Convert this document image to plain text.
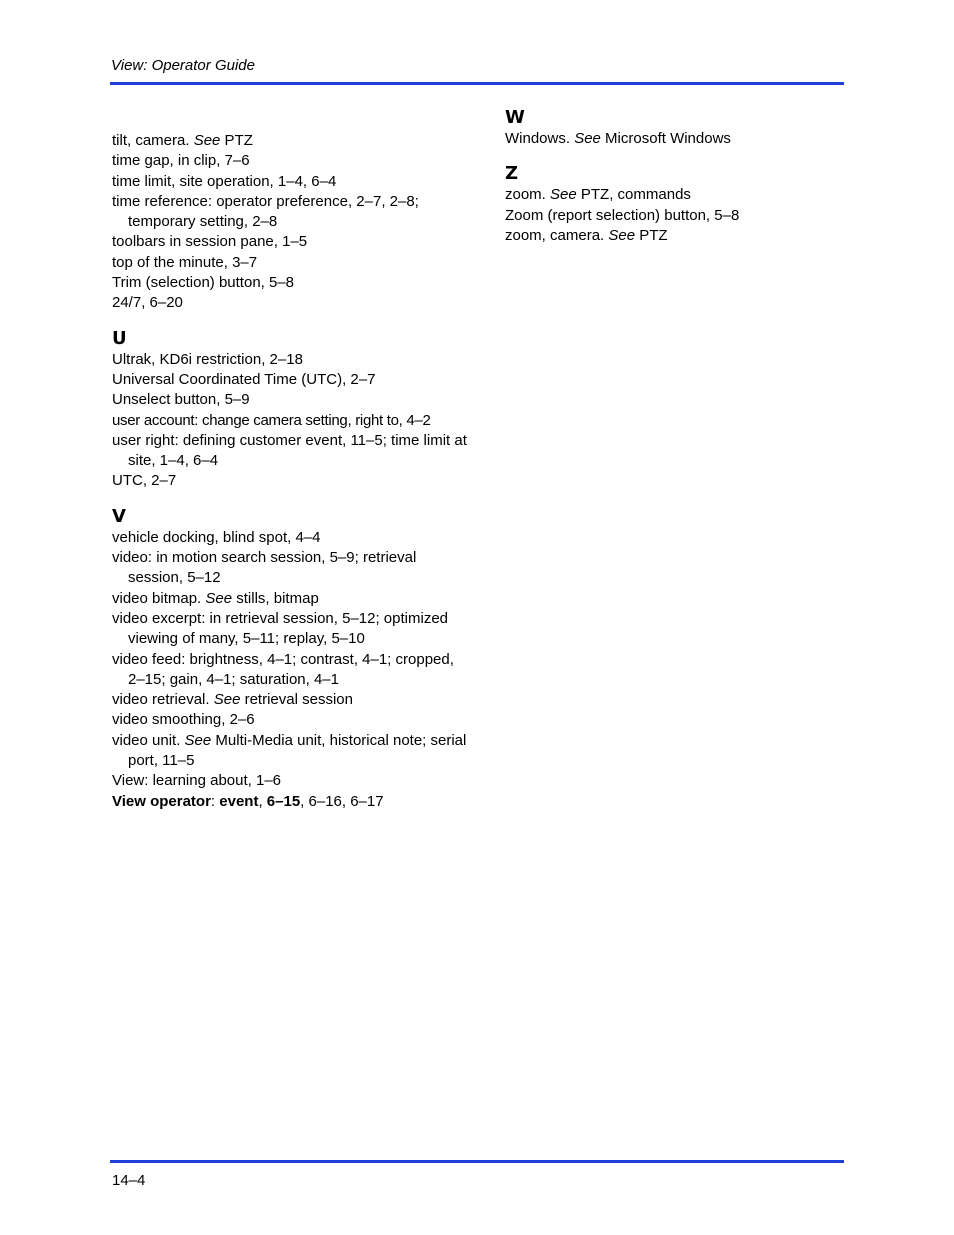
View: Operator Guide
tilt, camera. See PTZ
time gap, in clip, 7–6
time limit, site operation, 1–4, 6–4
time reference: operator preference, 2–7, 2–8; temporary setting, 2–8
toolbars in session pane, 1–5
top of the minute, 3–7
Trim (selection) button, 5–8
24/7, 6–20
U
Ultrak, KD6i restriction, 2–18
Universal Coordinated Time (UTC), 2–7
Unselect button, 5–9
user account: change camera setting, right to, 4–2
user right: defining customer event, 11–5; time limit at site, 1–4, 6–4
UTC, 2–7
V
vehicle docking, blind spot, 4–4
video: in motion search session, 5–9; retrieval session, 5–12
video bitmap. See stills, bitmap
video excerpt: in retrieval session, 5–12; optimized viewing of many, 5–11; replay, 5–10
video feed: brightness, 4–1; contrast, 4–1; cropped, 2–15; gain, 4–1; saturation, 4–1
video retrieval. See retrieval session
video smoothing, 2–6
video unit. See Multi-Media unit, historical note; serial port, 11–5
View: learning about, 1–6
View operator: event, 6–15, 6–16, 6–17
W
Windows. See Microsoft Windows
Z
zoom. See PTZ, commands
Zoom (report selection) button, 5–8
zoom, camera. See PTZ
14–4
